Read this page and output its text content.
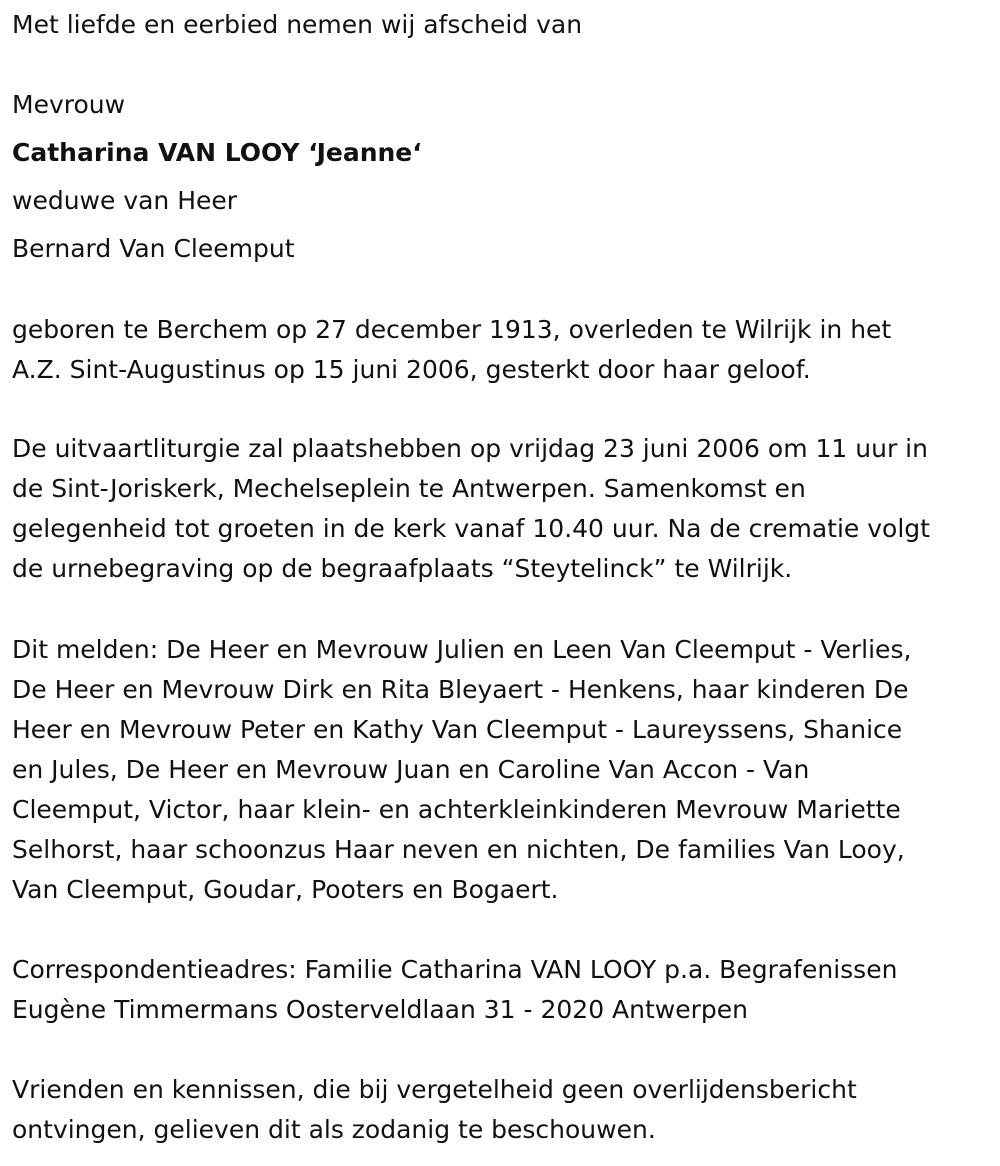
Met liefde en eerbied nemen wij afscheid van

Mevrouw

Catharina VAN LOOY ‘Jeanne‘

weduwe van Heer

Bernard Van Cleemput

geboren te Berchem op 27 december 1913, overleden te Wilrijk in het
A.Z. Sint-Augustinus op 15 juni 2006, gesterkt door haar geloof.
De uitvaartliturgie zal plaatshebben op vrijdag 23 juni 2006 om 11 uur in
de Sint-Joriskerk, Mechelseplein te Antwerpen. Samenkomst en
gelegenheid tot groeten in de kerk vanaf 10.40 uur. Na de crematie volgt
de urnebegraving op de begraafplaats “Steytelinck” te Wilrijk.
Dit melden: De Heer en Mevrouw Julien en Leen Van Cleemput - Verlies,
De Heer en Mevrouw Dirk en Rita Bleyaert - Henkens, haar kinderen De
Heer en Mevrouw Peter en Kathy Van Cleemput - Laureyssens, Shanice
en Jules, De Heer en Mevrouw Juan en Caroline Van Accon - Van
Cleemput, Victor, haar klein- en achterkleinkinderen Mevrouw Mariette
Selhorst, haar schoonzus Haar neven en nichten, De families Van Looy,
Van Cleemput, Goudar, Pooters en Bogaert.
Correspondentieadres: Familie Catharina VAN LOOY p.a. Begrafenissen
Eugène Timmermans Oosterveldlaan 31 - 2020 Antwerpen
Vrienden en kennissen, die bij vergetelheid geen overlijdensbericht
ontvingen, gelieven dit als zodanig te beschouwen.
